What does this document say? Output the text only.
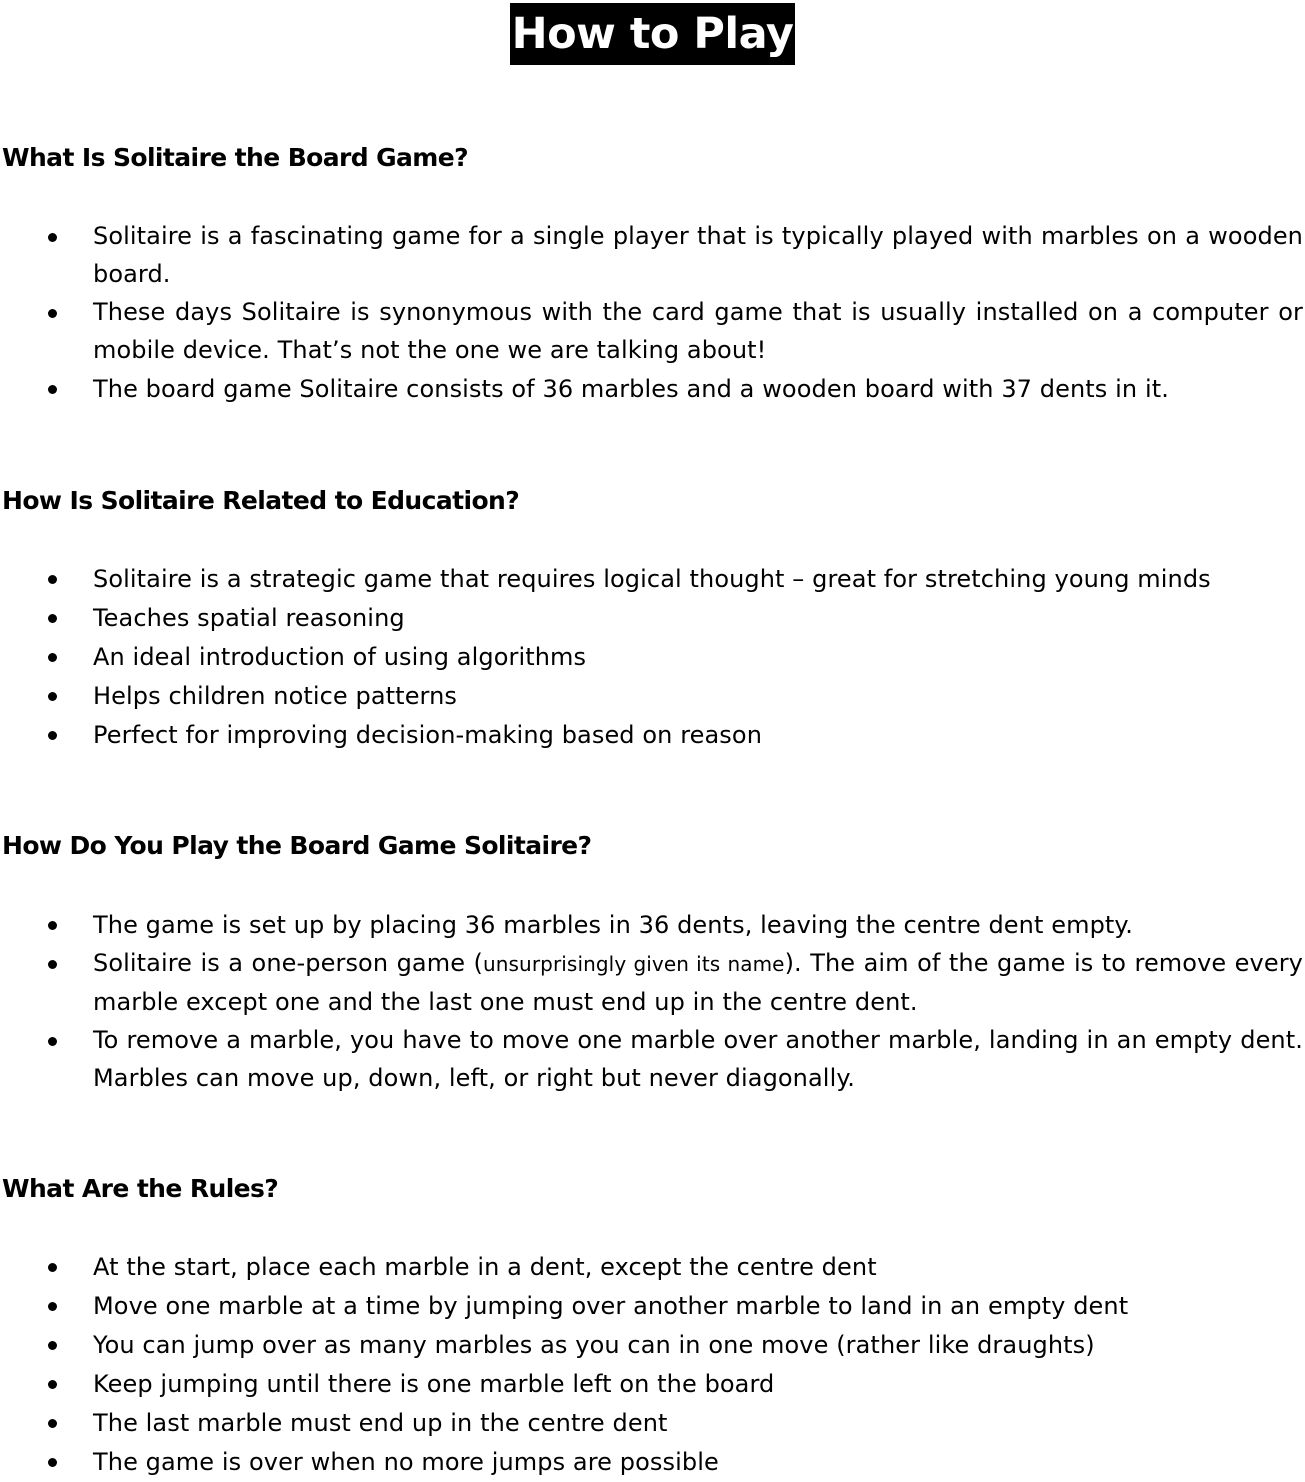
How to Play
What Is Solitaire the Board Game?
Solitaire is a fascinating game for a single player that is typically played with marbles on a wooden board.
These days Solitaire is synonymous with the card game that is usually installed on a computer or mobile device. That’s not the one we are talking about!
The board game Solitaire consists of 36 marbles and a wooden board with 37 dents in it.
How Is Solitaire Related to Education?
Solitaire is a strategic game that requires logical thought – great for stretching young minds
Teaches spatial reasoning
An ideal introduction of using algorithms
Helps children notice patterns
Perfect for improving decision-making based on reason
How Do You Play the Board Game Solitaire?
The game is set up by placing 36 marbles in 36 dents, leaving the centre dent empty.
Solitaire is a one-person game (unsurprisingly given its name). The aim of the game is to remove every marble except one and the last one must end up in the centre dent.
To remove a marble, you have to move one marble over another marble, landing in an empty dent. Marbles can move up, down, left, or right but never diagonally.
What Are the Rules?
At the start, place each marble in a dent, except the centre dent
Move one marble at a time by jumping over another marble to land in an empty dent
You can jump over as many marbles as you can in one move (rather like draughts)
Keep jumping until there is one marble left on the board
The last marble must end up in the centre dent
The game is over when no more jumps are possible
